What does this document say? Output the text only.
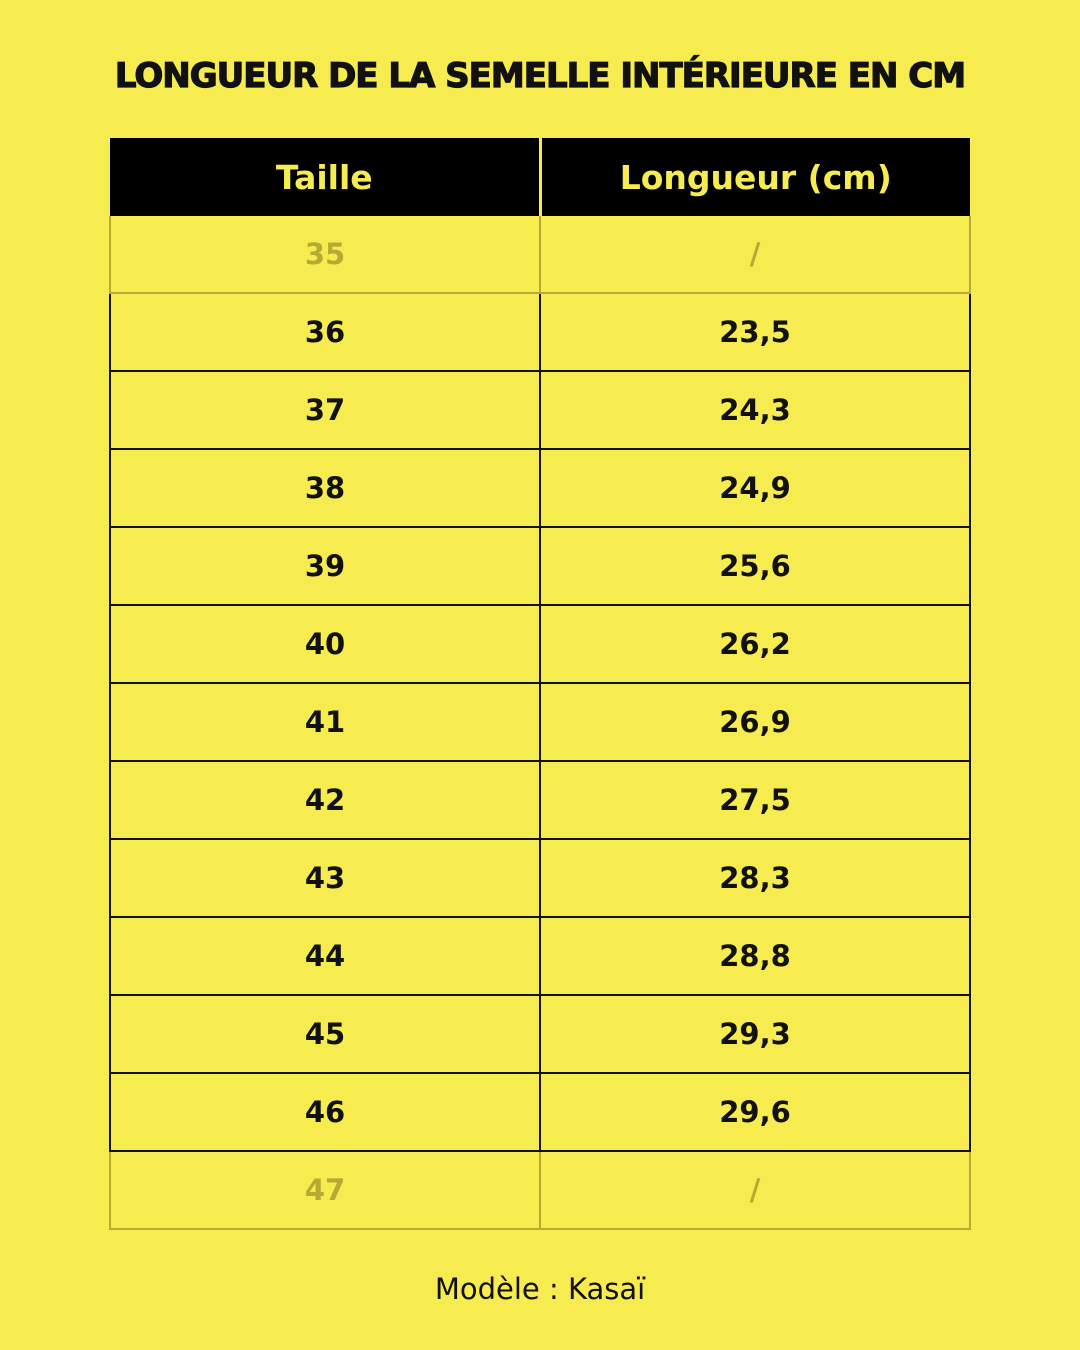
LONGUEUR DE LA SEMELLE INTÉRIEURE EN CM
Taille	Longueur (cm)
35	/
36	23,5
37	24,3
38	24,9
39	25,6
40	26,2
41	26,9
42	27,5
43	28,3
44	28,8
45	29,3
46	29,6
47	/
Modèle : Kasaï
